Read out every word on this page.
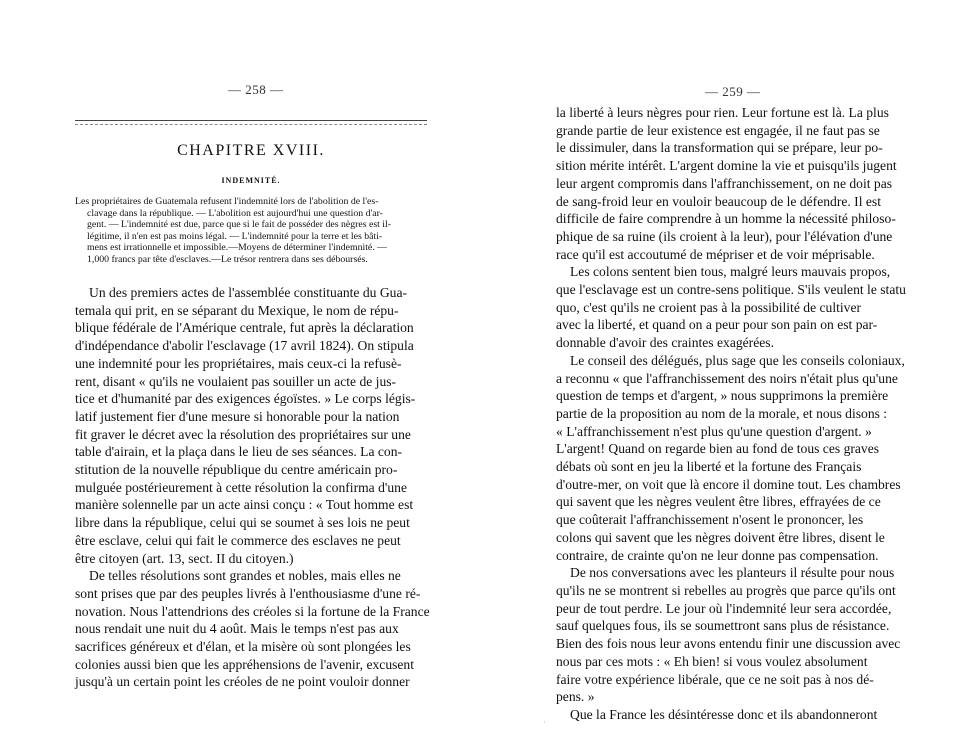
— 258 —
CHAPITRE XVIII.
INDEMNITÉ.
Les propriétaires de Guatemala refusent l'indemnité lors de l'abolition de l'es-
clavage dans la république. — L'abolition est aujourd'hui une question d'ar-
gent. — L'indemnité est due, parce que si le fait de posséder des nègres est il-
légitime, il n'en est pas moins légal. — L'indemnité pour la terre et les bâti-
mens est irrationnelle et impossible.—Moyens de déterminer l'indemnité. —
1,000 francs par tête d'esclaves.—Le trésor rentrera dans ses déboursés.
Un des premiers actes de l'assemblée constituante du Gua-
temala qui prit, en se séparant du Mexique, le nom de répu-
blique fédérale de l'Amérique centrale, fut après la déclaration
d'indépendance d'abolir l'esclavage (17 avril 1824). On stipula
une indemnité pour les propriétaires, mais ceux-ci la refusè-
rent, disant « qu'ils ne voulaient pas souiller un acte de jus-
tice et d'humanité par des exigences égoïstes. » Le corps légis-
latif justement fier d'une mesure si honorable pour la nation
fit graver le décret avec la résolution des propriétaires sur une
table d'airain, et la plaça dans le lieu de ses séances. La con-
stitution de la nouvelle république du centre américain pro-
mulguée postérieurement à cette résolution la confirma d'une
manière solennelle par un acte ainsi conçu : « Tout homme est
libre dans la république, celui qui se soumet à ses lois ne peut
être esclave, celui qui fait le commerce des esclaves ne peut
être citoyen (art. 13, sect. II du citoyen.)
De telles résolutions sont grandes et nobles, mais elles ne
sont prises que par des peuples livrés à l'enthousiasme d'une ré-
novation. Nous l'attendrions des créoles si la fortune de la France
nous rendait une nuit du 4 août. Mais le temps n'est pas aux
sacrifices généreux et d'élan, et la misère où sont plongées les
colonies aussi bien que les appréhensions de l'avenir, excusent
jusqu'à un certain point les créoles de ne point vouloir donner
— 259 —
la liberté à leurs nègres pour rien. Leur fortune est là. La plus
grande partie de leur existence est engagée, il ne faut pas se
le dissimuler, dans la transformation qui se prépare, leur po-
sition mérite intérêt. L'argent domine la vie et puisqu'ils jugent
leur argent compromis dans l'affranchissement, on ne doit pas
de sang-froid leur en vouloir beaucoup de le défendre. Il est
difficile de faire comprendre à un homme la nécessité philoso-
phique de sa ruine (ils croient à la leur), pour l'élévation d'une
race qu'il est accoutumé de mépriser et de voir méprisable.
Les colons sentent bien tous, malgré leurs mauvais propos,
que l'esclavage est un contre-sens politique. S'ils veulent le statu
quo, c'est qu'ils ne croient pas à la possibilité de cultiver
avec la liberté, et quand on a peur pour son pain on est par-
donnable d'avoir des craintes exagérées.
Le conseil des délégués, plus sage que les conseils coloniaux,
a reconnu « que l'affranchissement des noirs n'était plus qu'une
question de temps et d'argent, » nous supprimons la première
partie de la proposition au nom de la morale, et nous disons :
« L'affranchissement n'est plus qu'une question d'argent. »
L'argent! Quand on regarde bien au fond de tous ces graves
débats où sont en jeu la liberté et la fortune des Français
d'outre-mer, on voit que là encore il domine tout. Les chambres
qui savent que les nègres veulent être libres, effrayées de ce
que coûterait l'affranchissement n'osent le prononcer, les
colons qui savent que les nègres doivent être libres, disent le
contraire, de crainte qu'on ne leur donne pas compensation.
De nos conversations avec les planteurs il résulte pour nous
qu'ils ne se montrent si rebelles au progrès que parce qu'ils ont
peur de tout perdre. Le jour où l'indemnité leur sera accordée,
sauf quelques fous, ils se soumettront sans plus de résistance.
Bien des fois nous leur avons entendu finir une discussion avec
nous par ces mots : « Eh bien! si vous voulez absolument
faire votre expérience libérale, que ce ne soit pas à nos dé-
pens. »
Que la France les désintéresse donc et ils abandonneront
·
